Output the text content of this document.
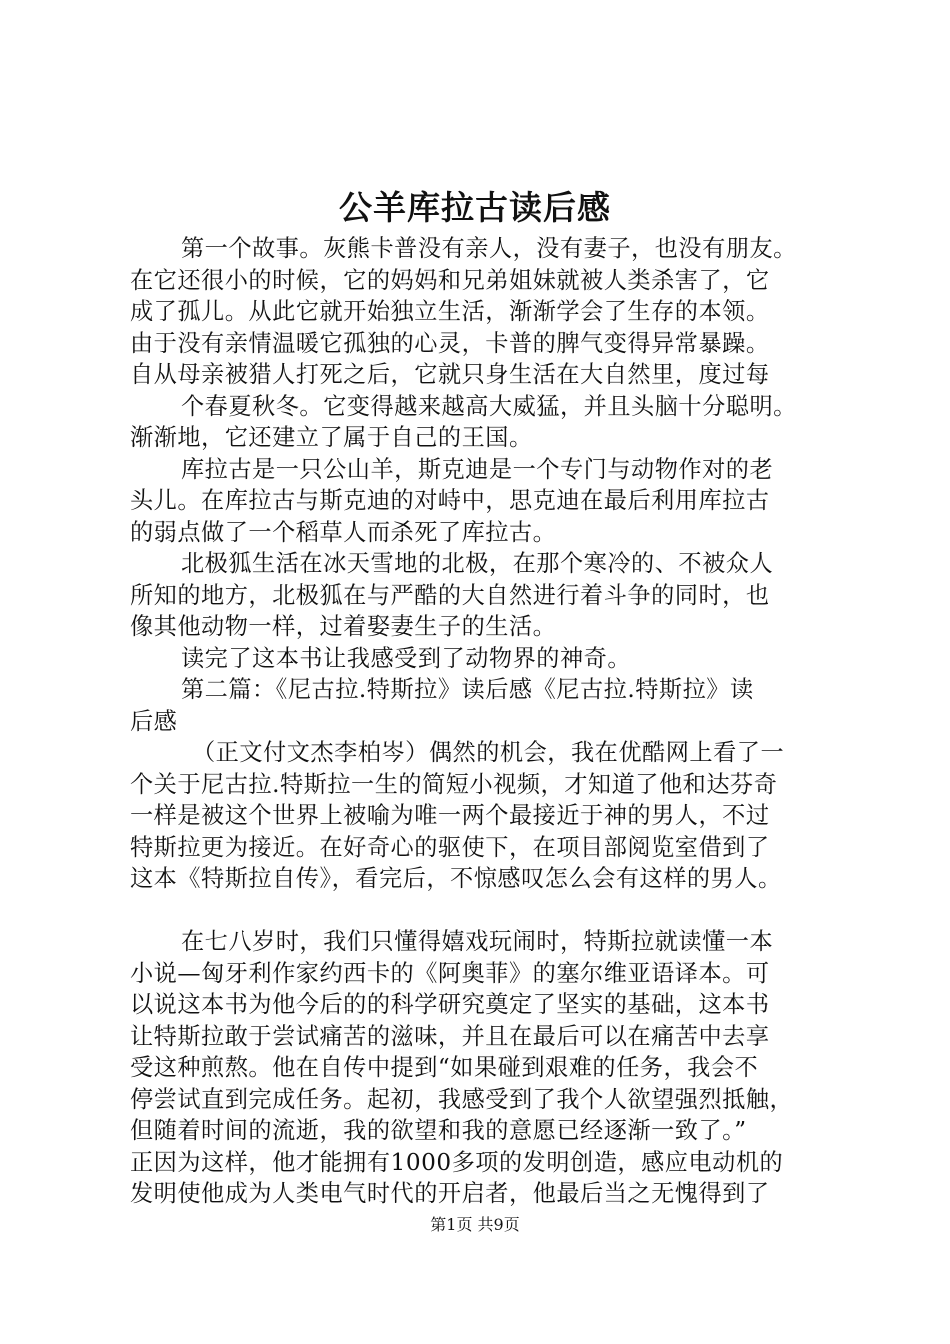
公羊库拉古读后感
第一个故事。灰熊卡普没有亲人，没有妻子，也没有朋友。
在它还很小的时候，它的妈妈和兄弟姐妹就被人类杀害了，它
成了孤儿。从此它就开始独立生活，渐渐学会了生存的本领。
由于没有亲情温暖它孤独的心灵，卡普的脾气变得异常暴躁。
自从母亲被猎人打死之后，它就只身生活在大自然里，度过每
个春夏秋冬。它变得越来越高大威猛，并且头脑十分聪明。
渐渐地，它还建立了属于自己的王国。
库拉古是一只公山羊，斯克迪是一个专门与动物作对的老
头儿。在库拉古与斯克迪的对峙中，思克迪在最后利用库拉古
的弱点做了一个稻草人而杀死了库拉古。
北极狐生活在冰天雪地的北极，在那个寒冷的、不被众人
所知的地方，北极狐在与严酷的大自然进行着斗争的同时，也
像其他动物一样，过着娶妻生子的生活。
读完了这本书让我感受到了动物界的神奇。
第二篇：《尼古拉.特斯拉》读后感《尼古拉.特斯拉》读
后感
（正文付文杰李柏岑）偶然的机会，我在优酷网上看了一
个关于尼古拉.特斯拉一生的简短小视频，才知道了他和达芬奇
一样是被这个世界上被喻为唯一两个最接近于神的男人，不过
特斯拉更为接近。在好奇心的驱使下，在项目部阅览室借到了
这本《特斯拉自传》，看完后，不惊感叹怎么会有这样的男人。
在七八岁时，我们只懂得嬉戏玩闹时，特斯拉就读懂一本
小说—匈牙利作家约西卡的《阿奥菲》的塞尔维亚语译本。可
以说这本书为他今后的的科学研究奠定了坚实的基础，这本书
让特斯拉敢于尝试痛苦的滋味，并且在最后可以在痛苦中去享
受这种煎熬。他在自传中提到“如果碰到艰难的任务，我会不
停尝试直到完成任务。起初，我感受到了我个人欲望强烈抵触，
但随着时间的流逝，我的欲望和我的意愿已经逐渐一致了。”
正因为这样，他才能拥有1000多项的发明创造，感应电动机的
发明使他成为人类电气时代的开启者，他最后当之无愧得到了
第1页 共9页
